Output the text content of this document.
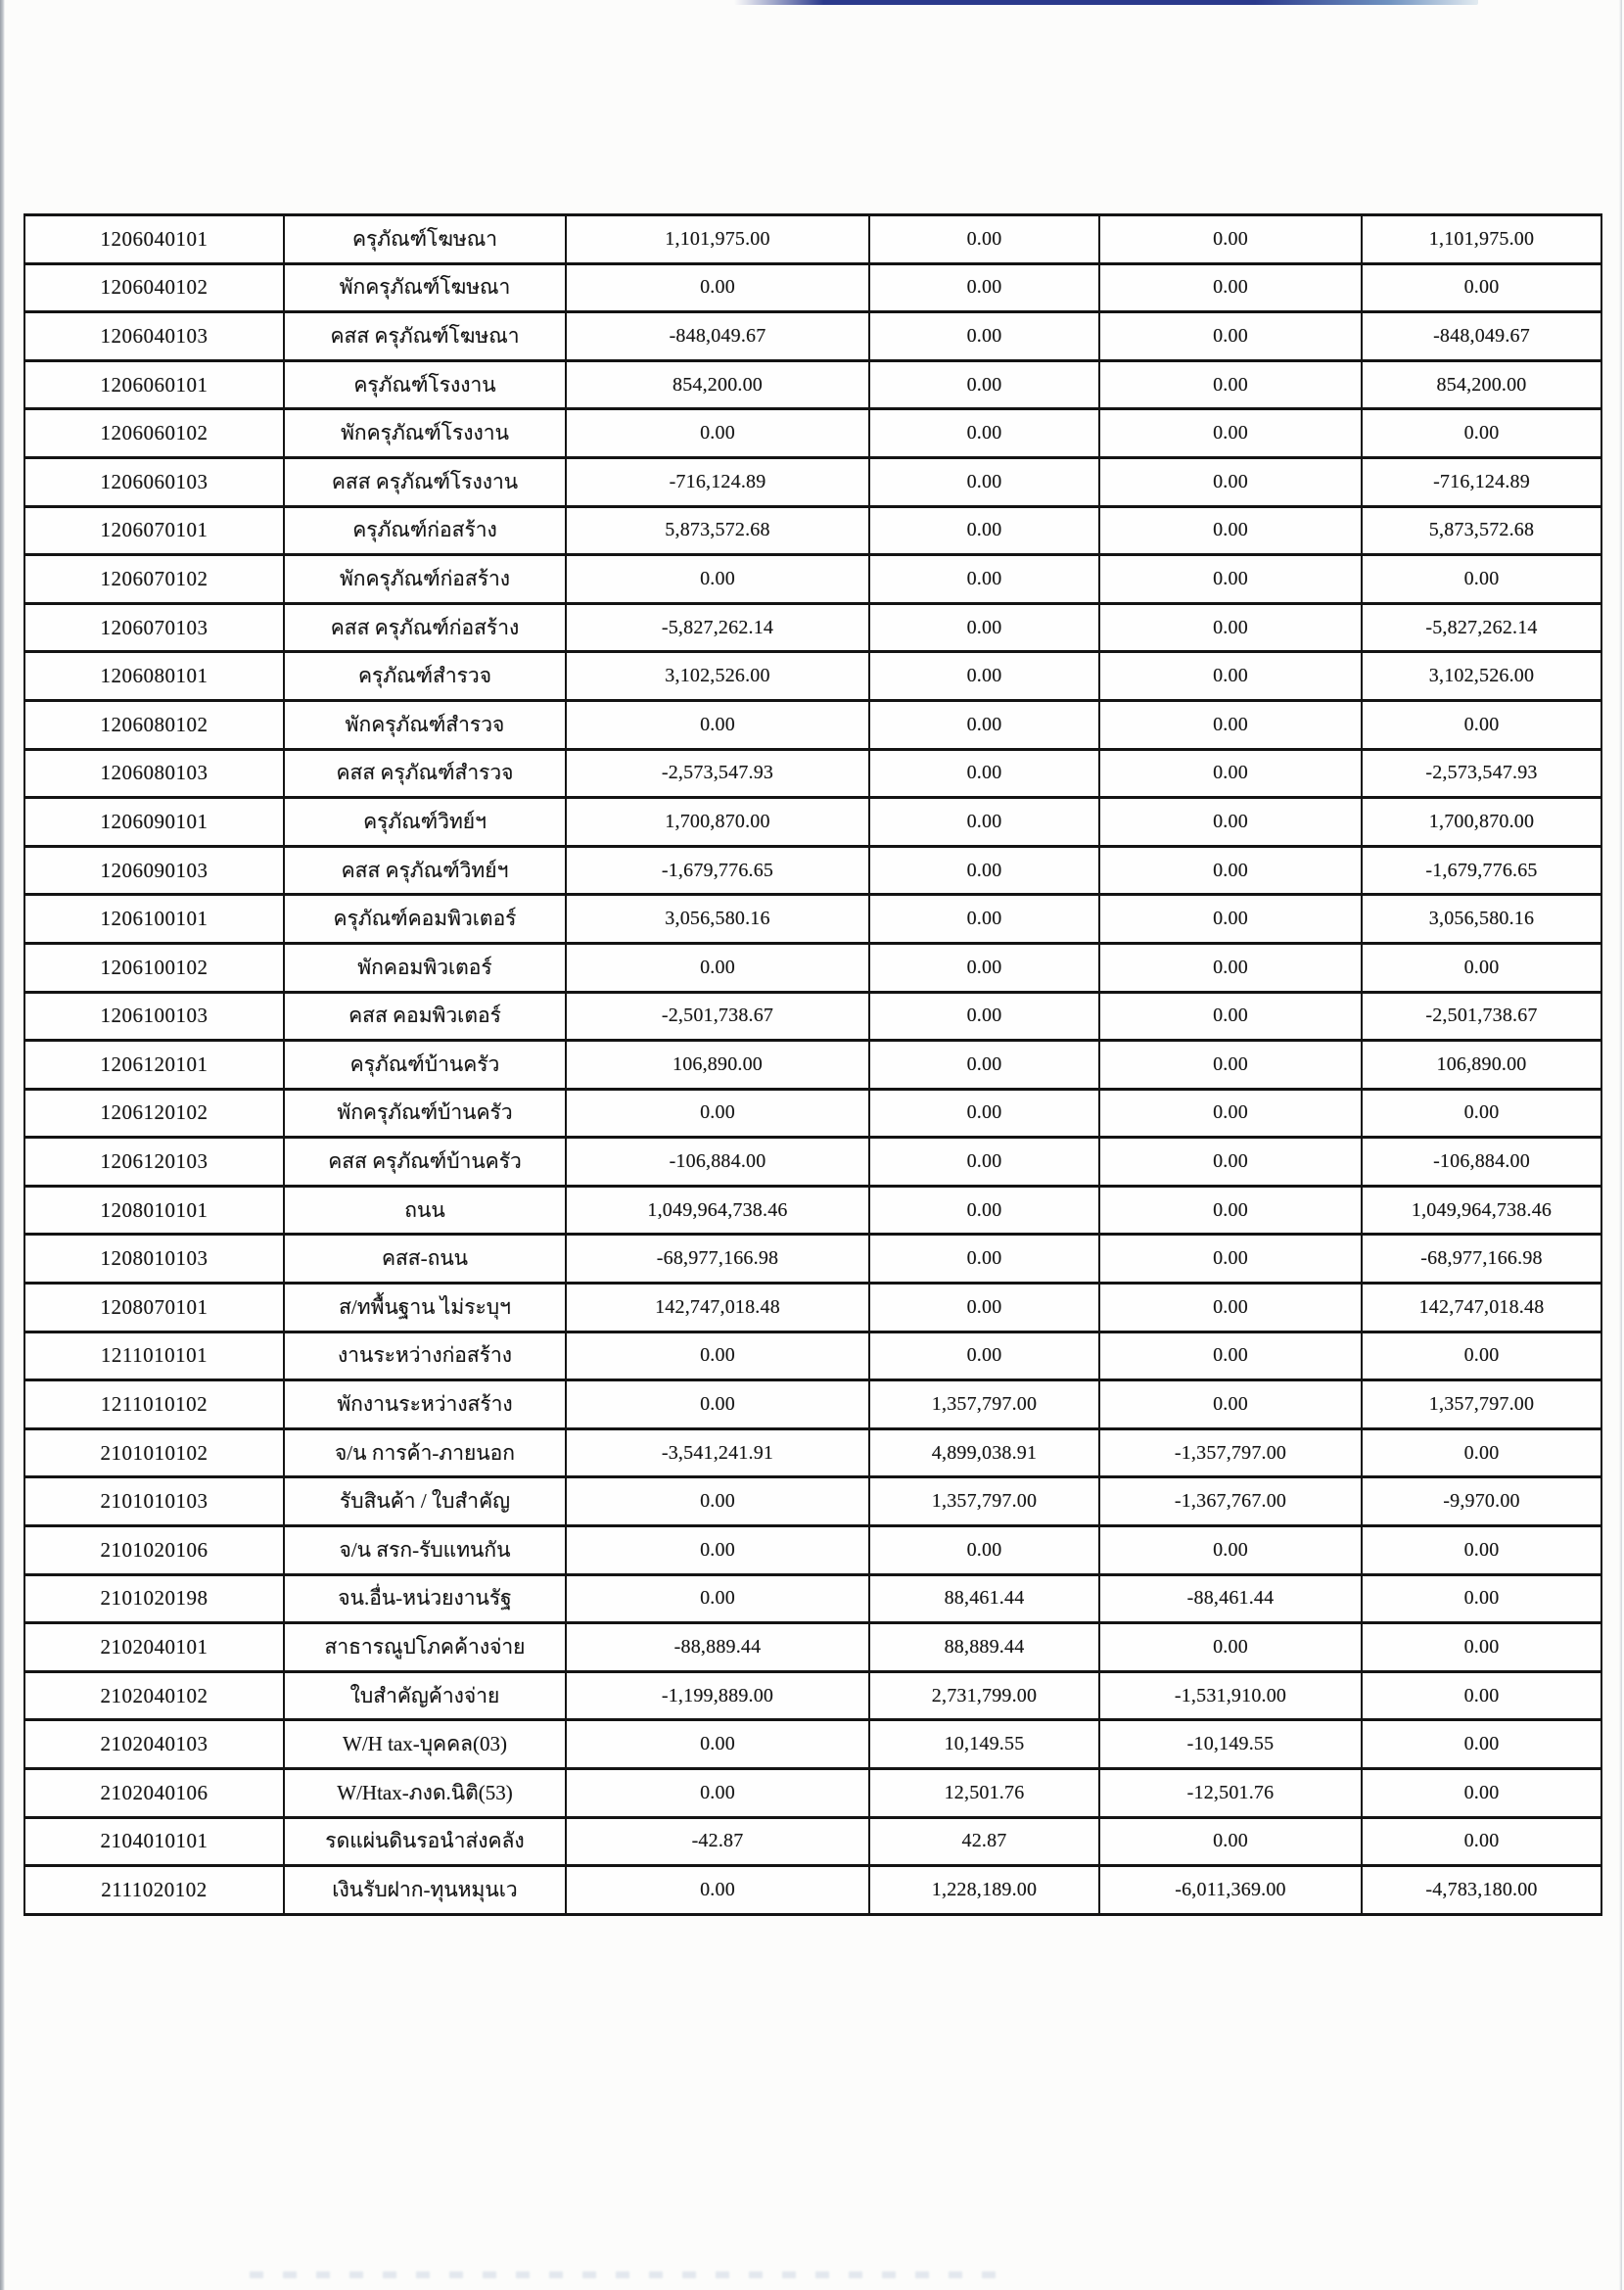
1206040101	ครุภัณฑ์โฆษณา	1,101,975.00	0.00	0.00	1,101,975.00
1206040102	พักครุภัณฑ์โฆษณา	0.00	0.00	0.00	0.00
1206040103	คสส ครุภัณฑ์โฆษณา	-848,049.67	0.00	0.00	-848,049.67
1206060101	ครุภัณฑ์โรงงาน	854,200.00	0.00	0.00	854,200.00
1206060102	พักครุภัณฑ์โรงงาน	0.00	0.00	0.00	0.00
1206060103	คสส ครุภัณฑ์โรงงาน	-716,124.89	0.00	0.00	-716,124.89
1206070101	ครุภัณฑ์ก่อสร้าง	5,873,572.68	0.00	0.00	5,873,572.68
1206070102	พักครุภัณฑ์ก่อสร้าง	0.00	0.00	0.00	0.00
1206070103	คสส ครุภัณฑ์ก่อสร้าง	-5,827,262.14	0.00	0.00	-5,827,262.14
1206080101	ครุภัณฑ์สำรวจ	3,102,526.00	0.00	0.00	3,102,526.00
1206080102	พักครุภัณฑ์สำรวจ	0.00	0.00	0.00	0.00
1206080103	คสส ครุภัณฑ์สำรวจ	-2,573,547.93	0.00	0.00	-2,573,547.93
1206090101	ครุภัณฑ์วิทย์ฯ	1,700,870.00	0.00	0.00	1,700,870.00
1206090103	คสส ครุภัณฑ์วิทย์ฯ	-1,679,776.65	0.00	0.00	-1,679,776.65
1206100101	ครุภัณฑ์คอมพิวเตอร์	3,056,580.16	0.00	0.00	3,056,580.16
1206100102	พักคอมพิวเตอร์	0.00	0.00	0.00	0.00
1206100103	คสส คอมพิวเตอร์	-2,501,738.67	0.00	0.00	-2,501,738.67
1206120101	ครุภัณฑ์บ้านครัว	106,890.00	0.00	0.00	106,890.00
1206120102	พักครุภัณฑ์บ้านครัว	0.00	0.00	0.00	0.00
1206120103	คสส ครุภัณฑ์บ้านครัว	-106,884.00	0.00	0.00	-106,884.00
1208010101	ถนน	1,049,964,738.46	0.00	0.00	1,049,964,738.46
1208010103	คสส-ถนน	-68,977,166.98	0.00	0.00	-68,977,166.98
1208070101	ส/ทพื้นฐาน ไม่ระบุฯ	142,747,018.48	0.00	0.00	142,747,018.48
1211010101	งานระหว่างก่อสร้าง	0.00	0.00	0.00	0.00
1211010102	พักงานระหว่างสร้าง	0.00	1,357,797.00	0.00	1,357,797.00
2101010102	จ/น การค้า-ภายนอก	-3,541,241.91	4,899,038.91	-1,357,797.00	0.00
2101010103	รับสินค้า / ใบสำคัญ	0.00	1,357,797.00	-1,367,767.00	-9,970.00
2101020106	จ/น สรก-รับแทนกัน	0.00	0.00	0.00	0.00
2101020198	จน.อื่น-หน่วยงานรัฐ	0.00	88,461.44	-88,461.44	0.00
2102040101	สาธารณูปโภคค้างจ่าย	-88,889.44	88,889.44	0.00	0.00
2102040102	ใบสำคัญค้างจ่าย	-1,199,889.00	2,731,799.00	-1,531,910.00	0.00
2102040103	W/H tax-บุคคล(03)	0.00	10,149.55	-10,149.55	0.00
2102040106	W/Htax-ภงด.นิติ(53)	0.00	12,501.76	-12,501.76	0.00
2104010101	รดแผ่นดินรอนำส่งคลัง	-42.87	42.87	0.00	0.00
2111020102	เงินรับฝาก-ทุนหมุนเว	0.00	1,228,189.00	-6,011,369.00	-4,783,180.00
